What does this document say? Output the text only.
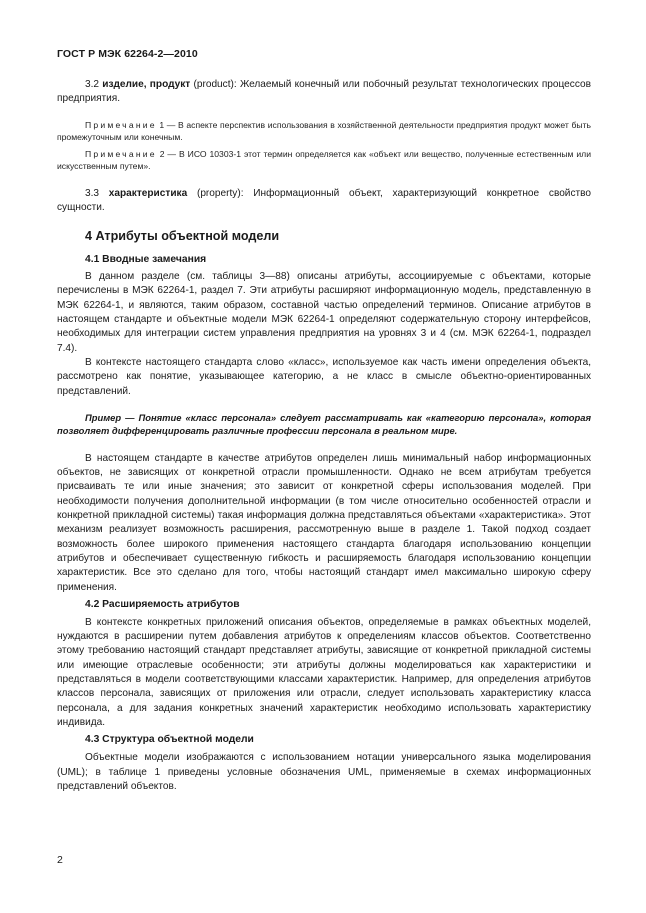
ГОСТ Р МЭК 62264-2—2010

3.2 изделие, продукт (product): Желаемый конечный или побочный результат технологических процессов предприятия.

Примечание 1 — В аспекте перспектив использования в хозяйственной деятельности предприятия продукт может быть промежуточным или конечным.

Примечание 2 — В ИСО 10303-1 этот термин определяется как «объект или вещество, полученные естественным или искусственным путем».

3.3 характеристика (property): Информационный объект, характеризующий конкретное свойство сущности.

4 Атрибуты объектной модели

4.1 Вводные замечания

В данном разделе (см. таблицы 3—88) описаны атрибуты, ассоциируемые с объектами, которые перечислены в МЭК 62264-1, раздел 7. Эти атрибуты расширяют информационную модель, представленную в МЭК 62264-1, и являются, таким образом, составной частью определений терминов. Описание атрибутов в настоящем стандарте и объектные модели МЭК 62264-1 определяют содержательную сторону интерфейсов, необходимых для интеграции систем управления предприятия на уровнях 3 и 4 (см. МЭК 62264-1, подраздел 7.4).

В контексте настоящего стандарта слово «класс», используемое как часть имени определения объекта, рассмотрено как понятие, указывающее категорию, а не класс в смысле объектно-ориентированных представлений.

Пример — Понятие «класс персонала» следует рассматривать как «категорию персонала», которая позволяет дифференцировать различные профессии персонала в реальном мире.

В настоящем стандарте в качестве атрибутов определен лишь минимальный набор информационных объектов, не зависящих от конкретной отрасли промышленности. Однако не всем атрибутам требуется присваивать те или иные значения; это зависит от конкретной сферы использования моделей. При необходимости получения дополнительной информации (в том числе относительно особенностей отрасли и конкретной прикладной системы) такая информация должна представляться объектами «характеристика». Этот механизм реализует возможность расширения, рассмотренную выше в разделе 1. Такой подход создает возможность более широкого применения настоящего стандарта благодаря использованию концепции атрибутов и обеспечивает существенную гибкость и расширяемость благодаря использованию концепции характеристик. Все это сделано для того, чтобы настоящий стандарт имел максимально широкую сферу применения.

4.2 Расширяемость атрибутов

В контексте конкретных приложений описания объектов, определяемые в рамках объектных моделей, нуждаются в расширении путем добавления атрибутов к определениям классов объектов. Соответственно этому требованию настоящий стандарт представляет атрибуты, зависящие от конкретной прикладной системы или имеющие отраслевые особенности; эти атрибуты должны моделироваться как характеристики и представляться в модели соответствующими классами характеристик. Например, для определения атрибутов классов персонала, зависящих от приложения или отрасли, следует использовать характеристику класса персонала, а для задания конкретных значений характеристик необходимо использовать характеристику индивида.

4.3 Структура объектной модели

Объектные модели изображаются с использованием нотации универсального языка моделирования (UML); в таблице 1 приведены условные обозначения UML, применяемые в схемах информационных представлений объектов.

2
